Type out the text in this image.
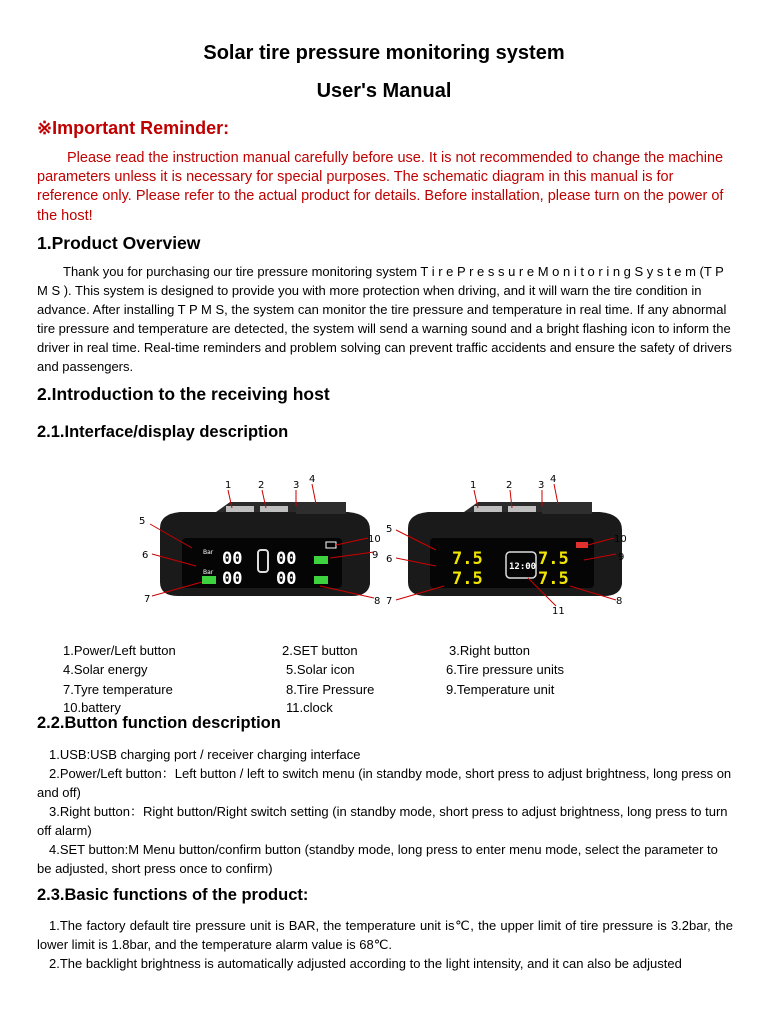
Solar tire pressure monitoring system
User's Manual
※Important Reminder:

Please read the instruction manual carefully before use. It is not recommended to change the machine parameters unless it is necessary for special purposes. The schematic diagram in this manual is for reference only. Please refer to the actual product for details. Before installation, please turn on the power of the host!

1.Product Overview

Thank you for purchasing our tire pressure monitoring system T i r e P r e s s u r e M o n i t o r i n g S y s t e m (T P M S ). This system is designed to provide you with more protection when driving, and it will warn the tire condition in advance. After installing T P M S, the system can monitor the tire pressure and temperature in real time. If any abnormal tire pressure and temperature are detected, the system will send a warning sound and a bright flashing icon to inform the driver in real time. Real-time reminders and problem solving can prevent traffic accidents and ensure the safety of drivers and passengers.

2.Introduction to the receiving host
2.1.Interface/display description
Bar
Bar
00
00
00
00
1	2	3
4
5
6
7	8
9
10
7.5
7.5
7.5
7.5
12:00
1	2	3
4
5
6
7	8
9
10
11
1.Power/Left button	2.SET button	3.Right button
4.Solar energy	5.Solar icon	6.Tire pressure units
7.Tyre temperature	8.Tire Pressure	9.Temperature unit
10.battery	11.clock
2.2.Button function description

1.USB:USB charging port / receiver charging interface

2.Power/Left button：Left button / left to switch menu (in standby mode, short press to adjust brightness, long press on and off)

3.Right button：Right button/Right switch setting (in standby mode, short press to adjust brightness, long press to turn off alarm)

4.SET button:M Menu button/confirm button (standby mode, long press to enter menu mode, select the parameter to be adjusted, short press once to confirm)

2.3.Basic functions of the product:

1.The factory default tire pressure unit is BAR, the temperature unit is℃, the upper limit of tire pressure is 3.2bar, the lower limit is 1.8bar, and the temperature alarm value is 68℃.

2.The backlight brightness is automatically adjusted according to the light intensity, and it can also be adjusted
